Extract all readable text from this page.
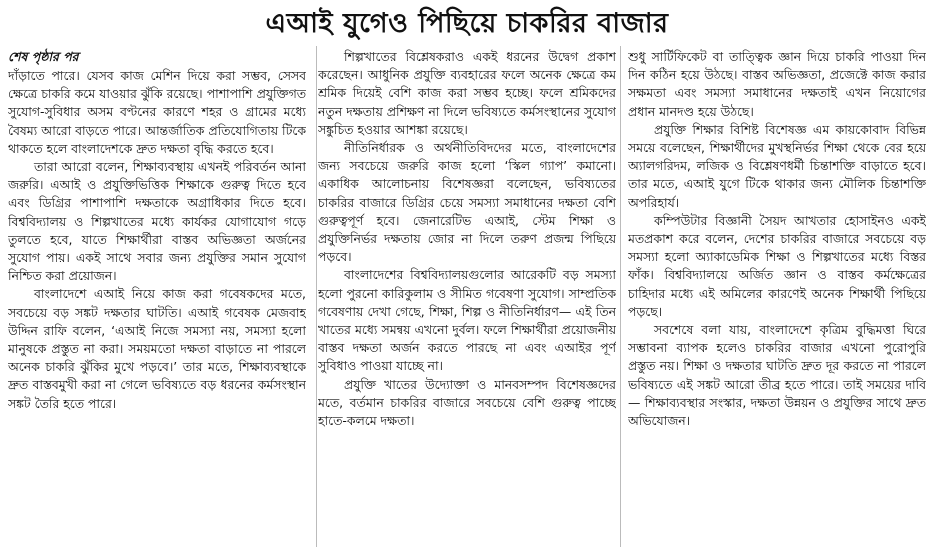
এআই যুগেও পিছিয়ে চাকরির বাজার
শেষ পৃষ্ঠার পর

দাঁড়াতে পারে। যেসব কাজ মেশিন দিয়ে করা সম্ভব, সেসব ক্ষেত্রে চাকরি কমে যাওয়ার ঝুঁকি রয়েছে। পাশাপাশি প্রযুক্তিগত সুযোগ-সুবিধার অসম বণ্টনের কারণে শহর ও গ্রামের মধ্যে বৈষম্য আরো বাড়তে পারে। আন্তর্জাতিক প্রতিযোগিতায় টিকে থাকতে হলে বাংলাদেশকে দ্রুত দক্ষতা বৃদ্ধি করতে হবে।

তারা আরো বলেন, শিক্ষাব্যবস্থায় এখনই পরিবর্তন আনা জরুরি। এআই ও প্রযুক্তিভিত্তিক শিক্ষাকে গুরুত্ব দিতে হবে এবং ডিগ্রির পাশাপাশি দক্ষতাকে অগ্রাধিকার দিতে হবে। বিশ্ববিদ্যালয় ও শিল্পখাতের মধ্যে কার্যকর যোগাযোগ গড়ে তুলতে হবে, যাতে শিক্ষার্থীরা বাস্তব অভিজ্ঞতা অর্জনের সুযোগ পায়। একই সাথে সবার জন্য প্রযুক্তির সমান সুযোগ নিশ্চিত করা প্রয়োজন।

বাংলাদেশে এআই নিয়ে কাজ করা গবেষকদের মতে, সবচেয়ে বড় সঙ্কট দক্ষতার ঘাটতি। এআই গবেষক মেজবাহ উদ্দিন রাফি বলেন, ‘এআই নিজে সমস্যা নয়, সমস্যা হলো মানুষকে প্রস্তুত না করা। সময়মতো দক্ষতা বাড়াতে না পারলে অনেক চাকরি ঝুঁকির মুখে পড়বে।’ তার মতে, শিক্ষাব্যবস্থাকে দ্রুত বাস্তবমুখী করা না গেলে ভবিষ্যতে বড় ধরনের কর্মসংস্থান সঙ্কট তৈরি হতে পারে।

শিল্পখাতের বিশ্লেষকরাও একই ধরনের উদ্বেগ প্রকাশ করেছেন। আধুনিক প্রযুক্তি ব্যবহারের ফলে অনেক ক্ষেত্রে কম শ্রমিক দিয়েই বেশি কাজ করা সম্ভব হচ্ছে। ফলে শ্রমিকদের নতুন দক্ষতায় প্রশিক্ষণ না দিলে ভবিষ্যতে কর্মসংস্থানের সুযোগ সঙ্কুচিত হওয়ার আশঙ্কা রয়েছে।

নীতিনির্ধারক ও অর্থনীতিবিদদের মতে, বাংলাদেশের জন্য সবচেয়ে জরুরি কাজ হলো ‘স্কিল গ্যাপ’ কমানো। একাধিক আলোচনায় বিশেষজ্ঞরা বলেছেন, ভবিষ্যতের চাকরির বাজারে ডিগ্রির চেয়ে সমস্যা সমাধানের দক্ষতা বেশি গুরুত্বপূর্ণ হবে। জেনারেটিভ এআই, স্টেম শিক্ষা ও প্রযুক্তিনির্ভর দক্ষতায় জোর না দিলে তরুণ প্রজন্ম পিছিয়ে পড়বে।

বাংলাদেশের বিশ্ববিদ্যালয়গুলোর আরেকটি বড় সমস্যা হলো পুরনো কারিকুলাম ও সীমিত গবেষণা সুযোগ। সাম্প্রতিক গবেষণায় দেখা গেছে, শিক্ষা, শিল্প ও নীতিনির্ধারণ— এই তিন খাতের মধ্যে সমন্বয় এখনো দুর্বল। ফলে শিক্ষার্থীরা প্রয়োজনীয় বাস্তব দক্ষতা অর্জন করতে পারছে না এবং এআইর পূর্ণ সুবিধাও পাওয়া যাচ্ছে না।

প্রযুক্তি খাতের উদ্যোক্তা ও মানবসম্পদ বিশেষজ্ঞদের মতে, বর্তমান চাকরির বাজারে সবচেয়ে বেশি গুরুত্ব পাচ্ছে হাতে-কলমে দক্ষতা।

শুধু সার্টিফিকেট বা তাত্ত্বিক জ্ঞান দিয়ে চাকরি পাওয়া দিন দিন কঠিন হয়ে উঠছে। বাস্তব অভিজ্ঞতা, প্রজেক্টে কাজ করার সক্ষমতা এবং সমস্যা সমাধানের দক্ষতাই এখন নিয়োগের প্রধান মানদণ্ড হয়ে উঠছে।

প্রযুক্তি শিক্ষার বিশিষ্ট বিশেষজ্ঞ এম কায়কোবাদ বিভিন্ন সময়ে বলেছেন, শিক্ষার্থীদের মুখস্থনির্ভর শিক্ষা থেকে বের হয়ে অ্যালগরিদম, লজিক ও বিশ্লেষণধর্মী চিন্তাশক্তি বাড়াতে হবে। তার মতে, এআই যুগে টিকে থাকার জন্য মৌলিক চিন্তাশক্তি অপরিহার্য।

কম্পিউটার বিজ্ঞানী সৈয়দ আখতার হোসাইনও একই মতপ্রকাশ করে বলেন, দেশের চাকরির বাজারে সবচেয়ে বড় সমস্যা হলো অ্যাকাডেমিক শিক্ষা ও শিল্পখাতের মধ্যে বিস্তর ফাঁক। বিশ্ববিদ্যালয়ে অর্জিত জ্ঞান ও বাস্তব কর্মক্ষেত্রের চাহিদার মধ্যে এই অমিলের কারণেই অনেক শিক্ষার্থী পিছিয়ে পড়ছে।

সবশেষে বলা যায়, বাংলাদেশে কৃত্রিম বুদ্ধিমত্তা ঘিরে সম্ভাবনা ব্যাপক হলেও চাকরির বাজার এখনো পুরোপুরি প্রস্তুত নয়। শিক্ষা ও দক্ষতার ঘাটতি দ্রুত দূর করতে না পারলে ভবিষ্যতে এই সঙ্কট আরো তীব্র হতে পারে। তাই সময়ের দাবি— শিক্ষাব্যবস্থার সংস্কার, দক্ষতা উন্নয়ন ও প্রযুক্তির সাথে দ্রুত অভিযোজন।
